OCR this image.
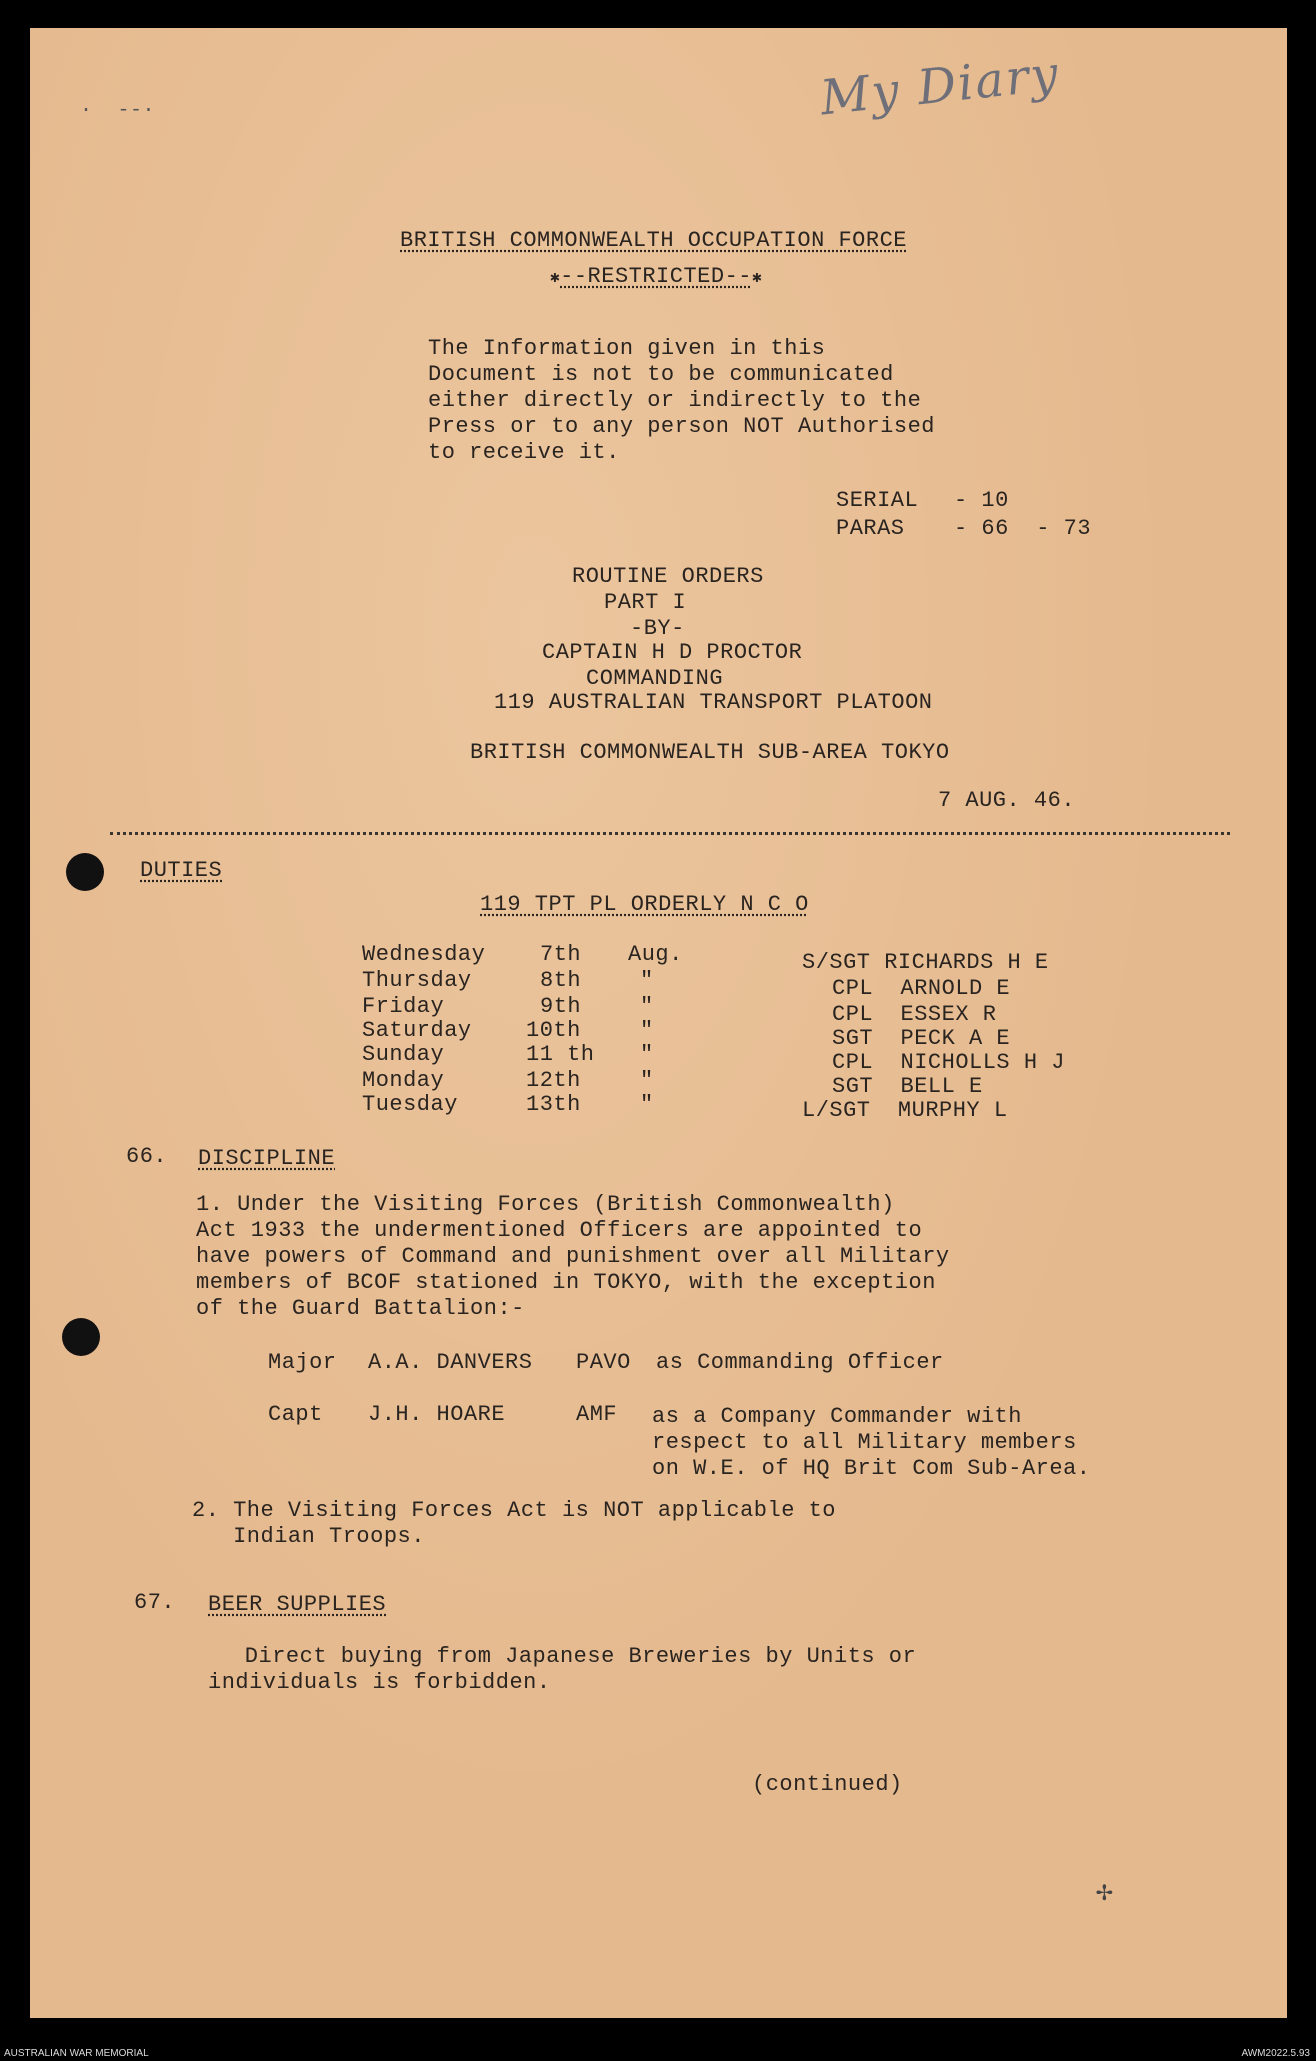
My Diary
·  --·
BRITISH COMMONWEALTH OCCUPATION FORCE
✱--RESTRICTED--✱
The Information given in this
Document is not to be communicated
either directly or indirectly to the
Press or to any person NOT Authorised
to receive it.
SERIAL - 10
PARAS - 66  - 73
ROUTINE ORDERS
PART I
-BY-
CAPTAIN H D PROCTOR
COMMANDING
119 AUSTRALIAN TRANSPORT PLATOON
BRITISH COMMONWEALTH SUB-AREA TOKYO
7 AUG. 46.
DUTIES
119 TPT PL ORDERLY N C O
Wednesday 7th Aug.	S/SGT RICHARDS H E
Thursday	8th	"	CPL  ARNOLD E
Friday	9th	"	CPL  ESSEX R
Saturday 10th	"	SGT  PECK A E
Sunday	11 th "	CPL  NICHOLLS H J
Monday	12th	"	SGT  BELL E
Tuesday	13th	"	L/SGT  MURPHY L
66. DISCIPLINE
1. Under the Visiting Forces (British Commonwealth)
Act 1933 the undermentioned Officers are appointed to
have powers of Command and punishment over all Military
members of BCOF stationed in TOKYO, with the exception
of the Guard Battalion:-
Major A.A. DANVERS PAVO as Commanding Officer
Capt J.H. HOARE	AMF as a Company Commander with
respect to all Military members
on W.E. of HQ Brit Com Sub-Area.
2. The Visiting Forces Act is NOT applicable to
Indian Troops.
67. BEER SUPPLIES
Direct buying from Japanese Breweries by Units or
individuals is forbidden.
(continued)
✢
AUSTRALIAN WAR MEMORIAL	AWM2022.5.93
